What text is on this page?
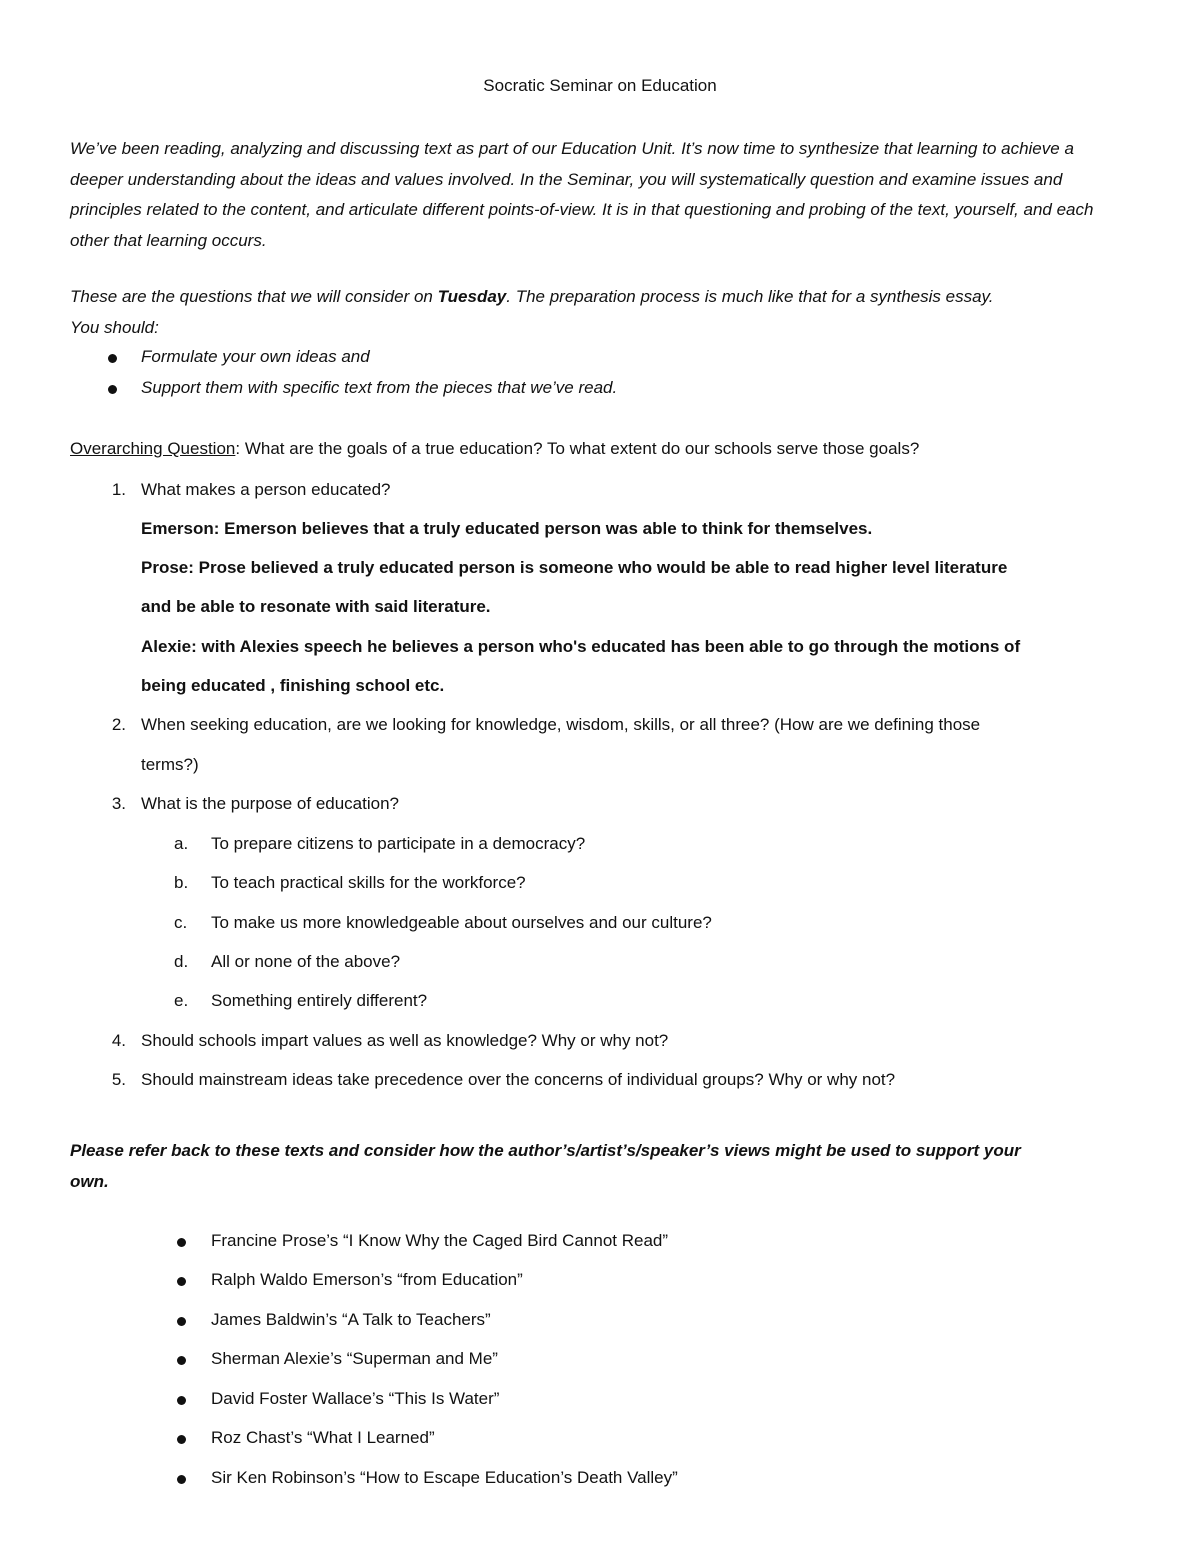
Socratic Seminar on Education
We’ve been reading, analyzing and discussing text as part of our Education Unit. It’s now time to synthesize that learning to achieve a deeper understanding about the ideas and values involved. In the Seminar, you will systematically question and examine issues and principles related to the content, and articulate different points-of-view. It is in that questioning and probing of the text, yourself, and each other that learning occurs.
These are the questions that we will consider on Tuesday. The preparation process is much like that for a synthesis essay.
You should:
Formulate your own ideas and
Support them with specific text from the pieces that we’ve read.
Overarching Question: What are the goals of a true education? To what extent do our schools serve those goals?
1. What makes a person educated?
Emerson: Emerson believes that a truly educated person was able to think for themselves.
Prose: Prose believed a truly educated person is someone who would be able to read higher level literature
and be able to resonate with said literature.
Alexie: with Alexies speech he believes a person who's educated has been able to go through the motions of
being educated , finishing school etc.
2. When seeking education, are we looking for knowledge, wisdom, skills, or all three? (How are we defining those
terms?)
3. What is the purpose of education?
a.	To prepare citizens to participate in a democracy?
b.	To teach practical skills for the workforce?
c.	To make us more knowledgeable about ourselves and our culture?
d.	All or none of the above?
e.	Something entirely different?
4. Should schools impart values as well as knowledge? Why or why not?
5. Should mainstream ideas take precedence over the concerns of individual groups? Why or why not?
Please refer back to these texts and consider how the author’s/artist’s/speaker’s views might be used to support your
own.
Francine Prose’s “I Know Why the Caged Bird Cannot Read”
Ralph Waldo Emerson’s “from Education”
James Baldwin’s “A Talk to Teachers”
Sherman Alexie’s “Superman and Me”
David Foster Wallace’s “This Is Water”
Roz Chast’s “What I Learned”
Sir Ken Robinson’s “How to Escape Education’s Death Valley”
